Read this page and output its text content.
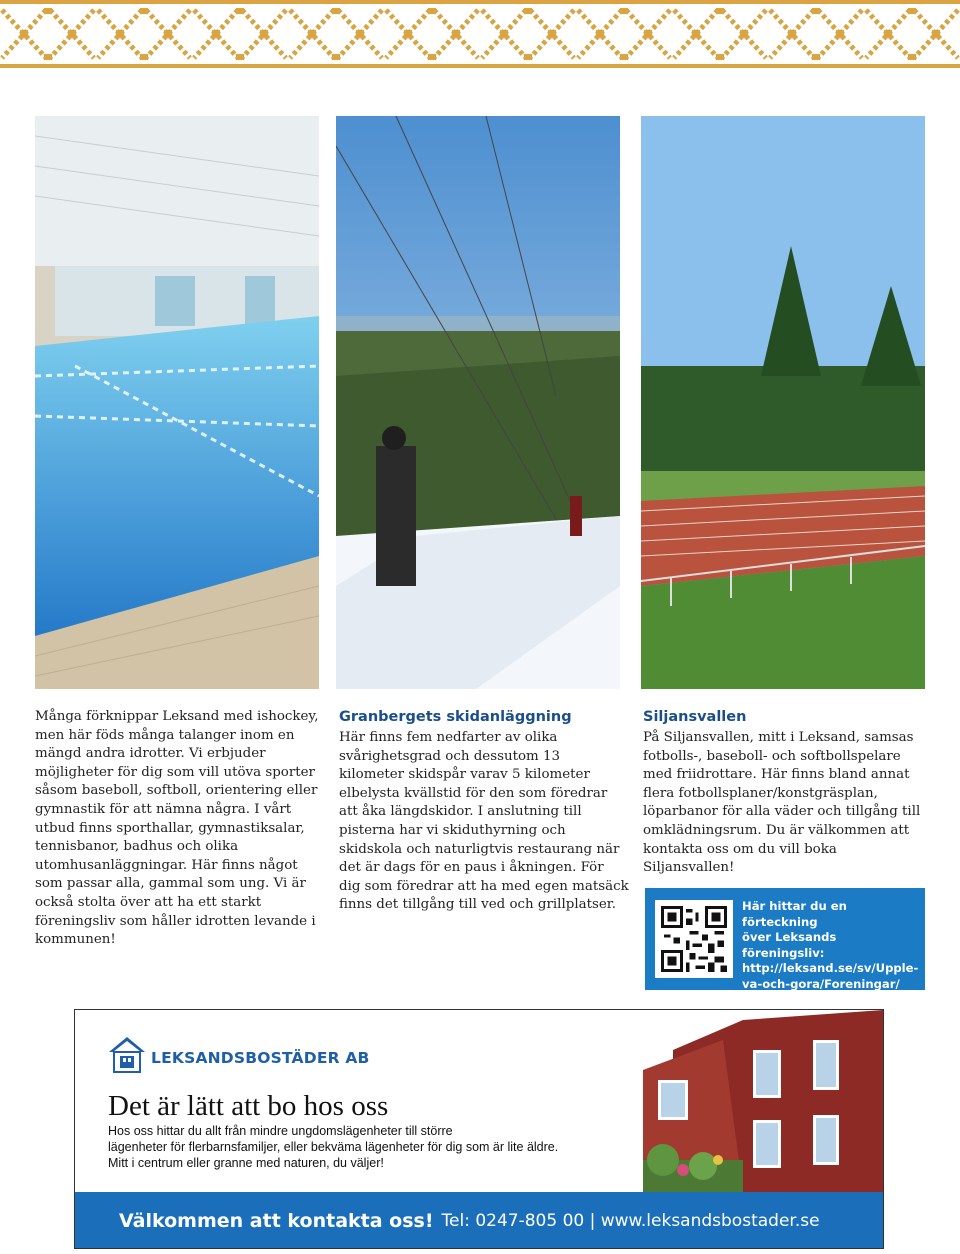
Många förknippar Leksand med ishockey, men här föds många talanger inom en mängd andra idrotter. Vi erbjuder möjligheter för dig som vill utöva sporter såsom baseboll, softboll, orientering eller gymnastik för att nämna några. I vårt utbud finns sporthallar, gymnastiksalar, tennisbanor, badhus och olika utomhusanläggningar. Här finns något som passar alla, gammal som ung. Vi är också stolta över att ha ett starkt föreningsliv som håller idrotten levande i kommunen!

Granbergets skidanläggning

Här finns fem nedfarter av olika svårighetsgrad och dessutom 13 kilometer skidspår varav 5 kilometer elbelysta kvällstid för den som föredrar att åka längdskidor. I anslutning till pisterna har vi skiduthyrning och skidskola och naturligtvis restaurang när det är dags för en paus i åkningen. För dig som föredrar att ha med egen matsäck finns det tillgång till ved och grillplatser.

Siljansvallen

På Siljansvallen, mitt i Leksand, samsas fotbolls-, baseboll- och softbollspelare med friidrottare. Här finns bland annat flera fotbollsplaner/konstgräsplan, löparbanor för alla väder och tillgång till omklädningsrum. Du är välkommen att kontakta oss om du vill boka Siljansvallen!

Här hittar du en förteckning
över Leksands föreningsliv:
http://leksand.se/sv/Upple-
va-och-gora/Foreningar/
LEKSANDSBOSTÄDER AB
Det är lätt att bo hos oss
Hos oss hittar du allt från mindre ungdomslägenheter till större
lägenheter för flerbarnsfamiljer, eller bekväma lägenheter för dig som är lite äldre.
Mitt i centrum eller granne med naturen, du väljer!
Välkommen att kontakta oss! Tel: 0247-805 00 | www.leksandsbostader.se
